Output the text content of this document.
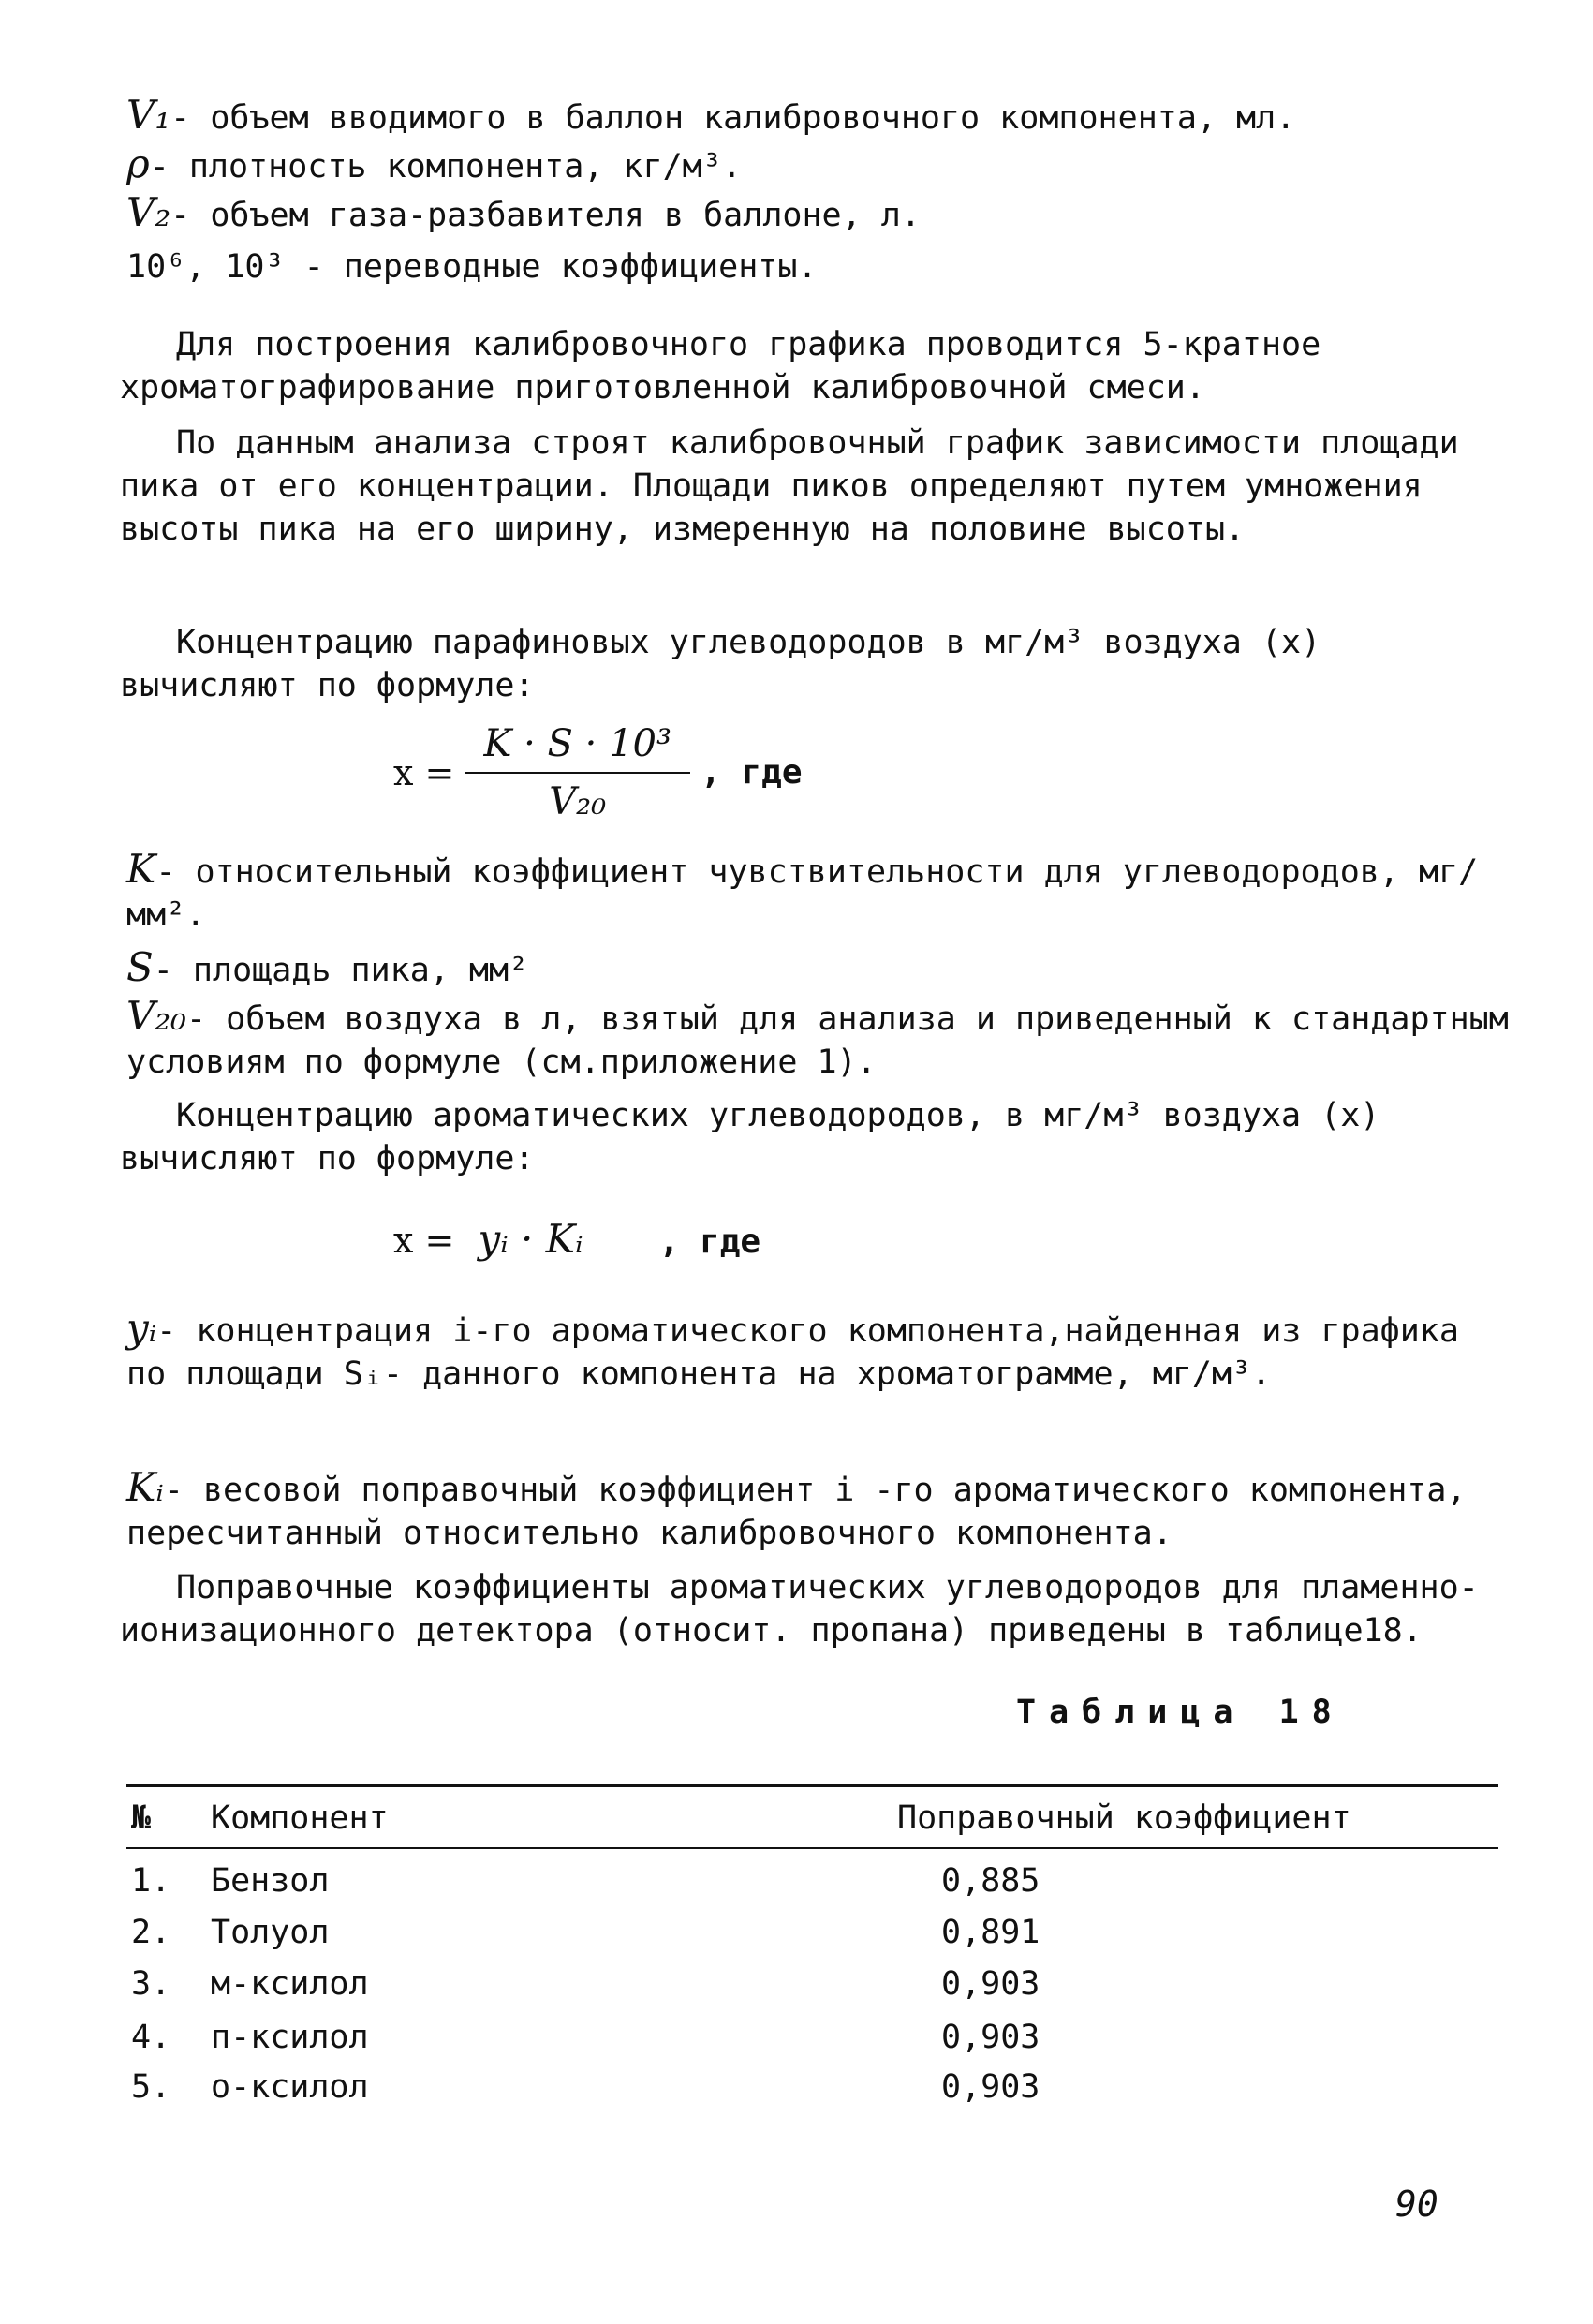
V₁- объем вводимого в баллон калибровочного компонента, мл.
ρ- плотность компонента, кг/м³.
V₂- объем газа-разбавителя в баллоне, л.
10⁶, 10³ - переводные коэффициенты.

Для построения калибровочного графика проводится 5-кратное хроматографирование приготовленной калибровочной смеси.

По данным анализа строят калибровочный график зависимости площади пика от его концентрации. Площади пиков определяют путем умножения высоты пика на его ширину, измеренную на половине высоты.

Концентрацию парафиновых углеводородов в мг/м³ воздуха (x) вычисляют по формуле:

$x = \frac{\text{K · S · 10³}}{\text{V₂₀}}$ , где
K- относительный коэффициент чувствительности для углеводородов, мг/мм².
S- площадь пика, мм²
V₂₀- объем воздуха в л, взятый для анализа и приведенный к стандартным условиям по формуле (см.приложение 1).

Концентрацию ароматических углеводородов, в мг/м³ воздуха (x) вычисляют по формуле:

x = yᵢ · Kᵢ , где
yᵢ- концентрация i-го ароматического компонента,найденная из графика по площади Sᵢ- данного компонента на хроматограмме, мг/м³.
Kᵢ- весовой поправочный коэффициент i -го ароматического компонента, пересчитанный относительно калибровочного компонента.

Поправочные коэффициенты ароматических углеводородов для пламенно-ионизационного детектора (относит. пропана) приведены в таблице18.

Таблица 18
№ Компонент	Поправочный коэффициент
1. Бензол	0,885
2. Толуол	0,891
3. м-ксилол	0,903
4. п-ксилол	0,903
5. о-ксилол	0,903
90
